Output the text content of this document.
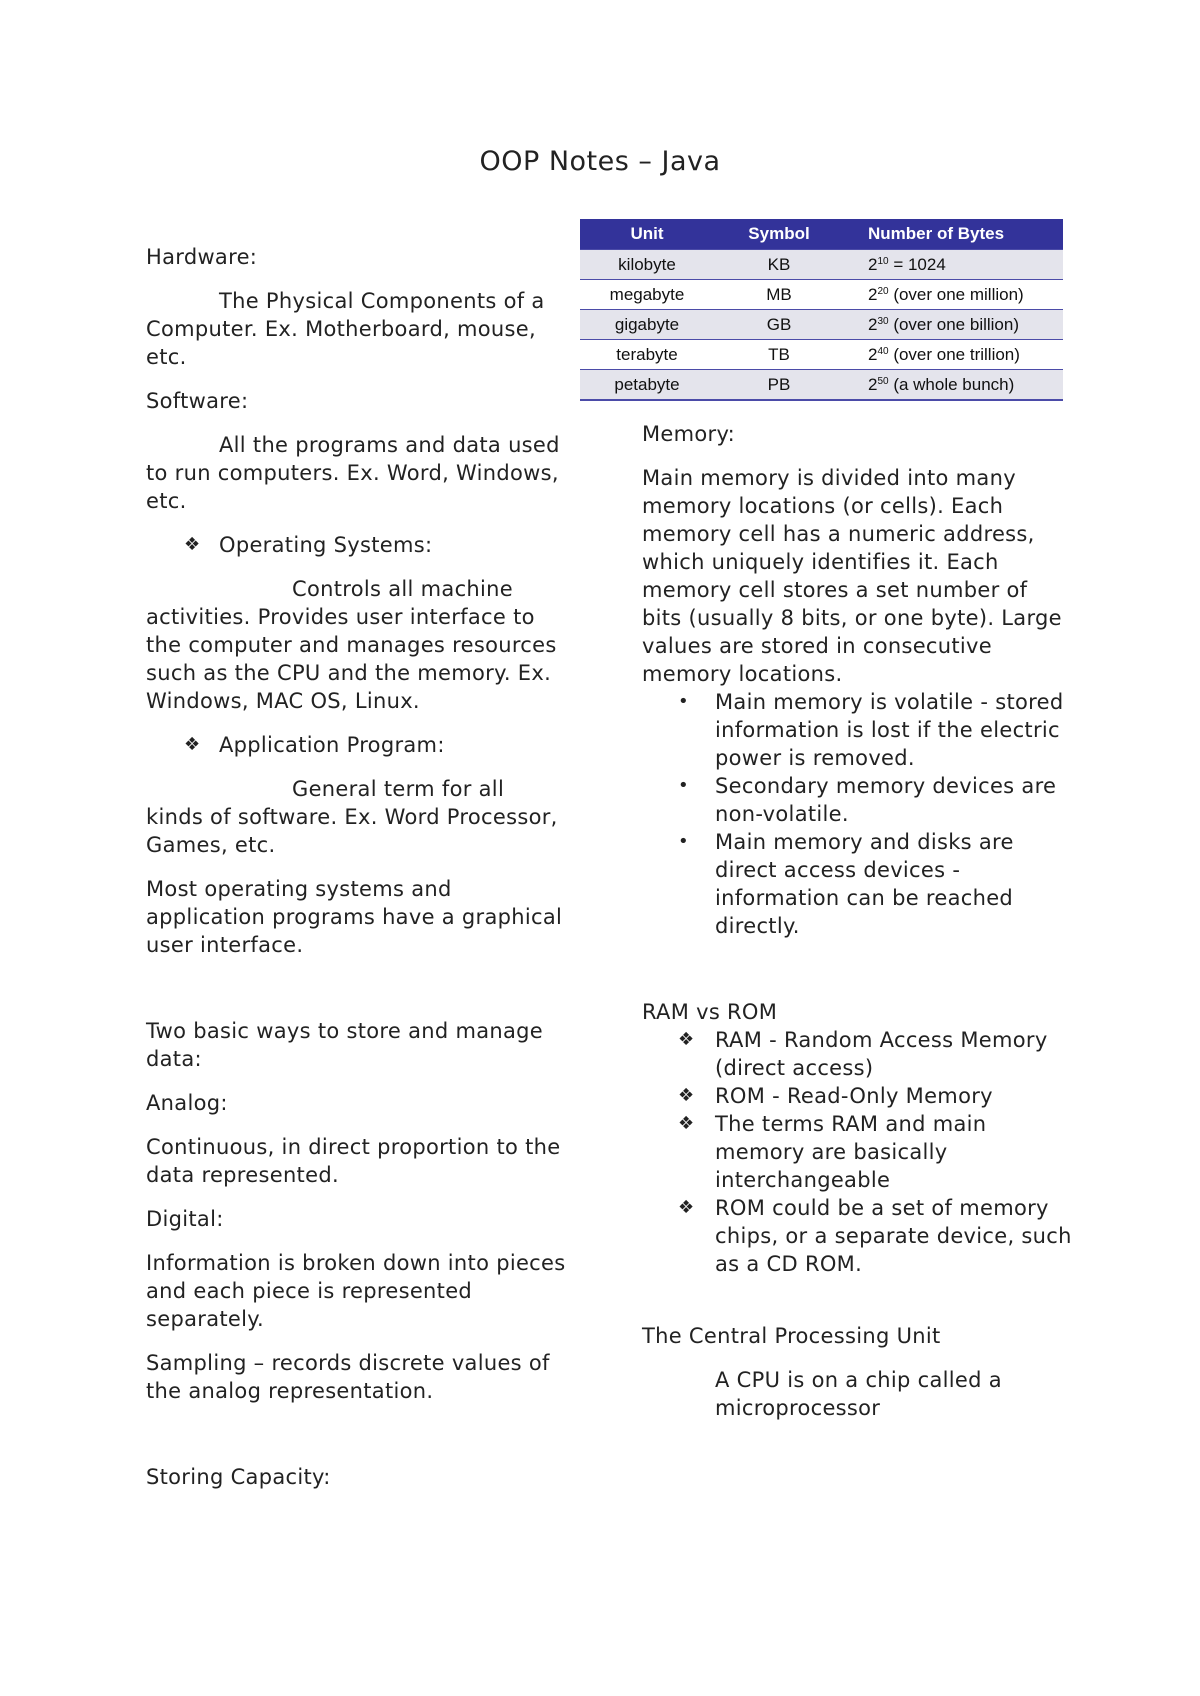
OOP Notes – Java

Hardware:

The Physical Components of a Computer. Ex. Motherboard, mouse, etc.

Software:

All the programs and data used to run computers. Ex. Word, Windows, etc.

❖ Operating Systems:

Controls all machine activities. Provides user interface to the computer and manages resources such as the CPU and the memory. Ex. Windows, MAC OS, Linux.

❖ Application Program:

General term for all kinds of software. Ex. Word Processor, Games, etc.

Most operating systems and application programs have a graphical user interface.

Two basic ways to store and manage data:

Analog:

Continuous, in direct proportion to the data represented.

Digital:

Information is broken down into pieces and each piece is represented separately.

Sampling – records discrete values of the analog representation.

Storing Capacity:

Unit	Symbol	Number of Bytes
kilobyte	KB	$2^{10} = 1024$
megabyte	MB	$2^{20}$ (over one million)
gigabyte	GB	$2^{30}$ (over one billion)
terabyte	TB	$2^{40}$ (over one trillion)
petabyte	PB	$2^{50}$ (a whole bunch)

Memory:

Main memory is divided into many memory locations (or cells). Each memory cell has a numeric address, which uniquely identifies it. Each memory cell stores a set number of bits (usually 8 bits, or one byte). Large values are stored in consecutive memory locations.

• Main memory is volatile - stored information is lost if the electric power is removed.
• Secondary memory devices are non-volatile.
• Main memory and disks are direct access devices - information can be reached directly.

RAM vs ROM

❖ RAM - Random Access Memory (direct access)
❖ ROM - Read-Only Memory
❖ The terms RAM and main memory are basically interchangeable
❖ ROM could be a set of memory chips, or a separate device, such as a CD ROM.

The Central Processing Unit

A CPU is on a chip called a microprocessor
